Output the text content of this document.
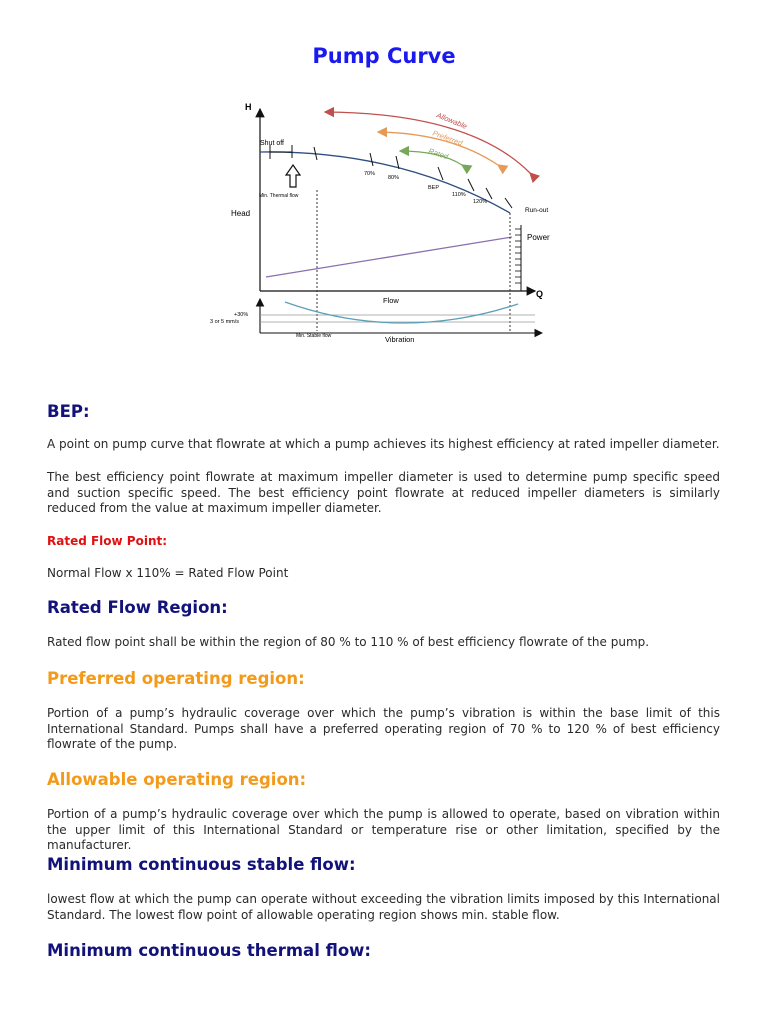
Pump Curve
H
Q
Head
Flow
Shut off
Min. Thermal flow
70%
80%
BEP
110%
120%
Allowable
Preferred
Rated
Run-out
Power
+30%
3 or 5 mm/s
Min. Stable flow	Vibration
BEP:
A point on pump curve that flowrate at which a pump achieves its highest efficiency at rated impeller diameter.
The best efficiency point flowrate at maximum impeller diameter is used to determine pump specific speed and suction specific speed. The best efficiency point flowrate at reduced impeller diameters is similarly reduced from the value at maximum impeller diameter.
Rated Flow Point:
Normal Flow x 110% = Rated Flow Point
Rated Flow Region:
Rated flow point shall be within the region of 80 % to 110 % of best efficiency flowrate of the pump.
Preferred operating region:
Portion of a pump’s hydraulic coverage over which the pump’s vibration is within the base limit of this International Standard. Pumps shall have a preferred operating region of 70 % to 120 % of best efficiency flowrate of the pump.
Allowable operating region:
Portion of a pump’s hydraulic coverage over which the pump is allowed to operate, based on vibration within the upper limit of this International Standard or temperature rise or other limitation, specified by the manufacturer.
Minimum continuous stable flow:
lowest flow at which the pump can operate without exceeding the vibration limits imposed by this International Standard. The lowest flow point of allowable operating region shows min. stable flow.
Minimum continuous thermal flow:
